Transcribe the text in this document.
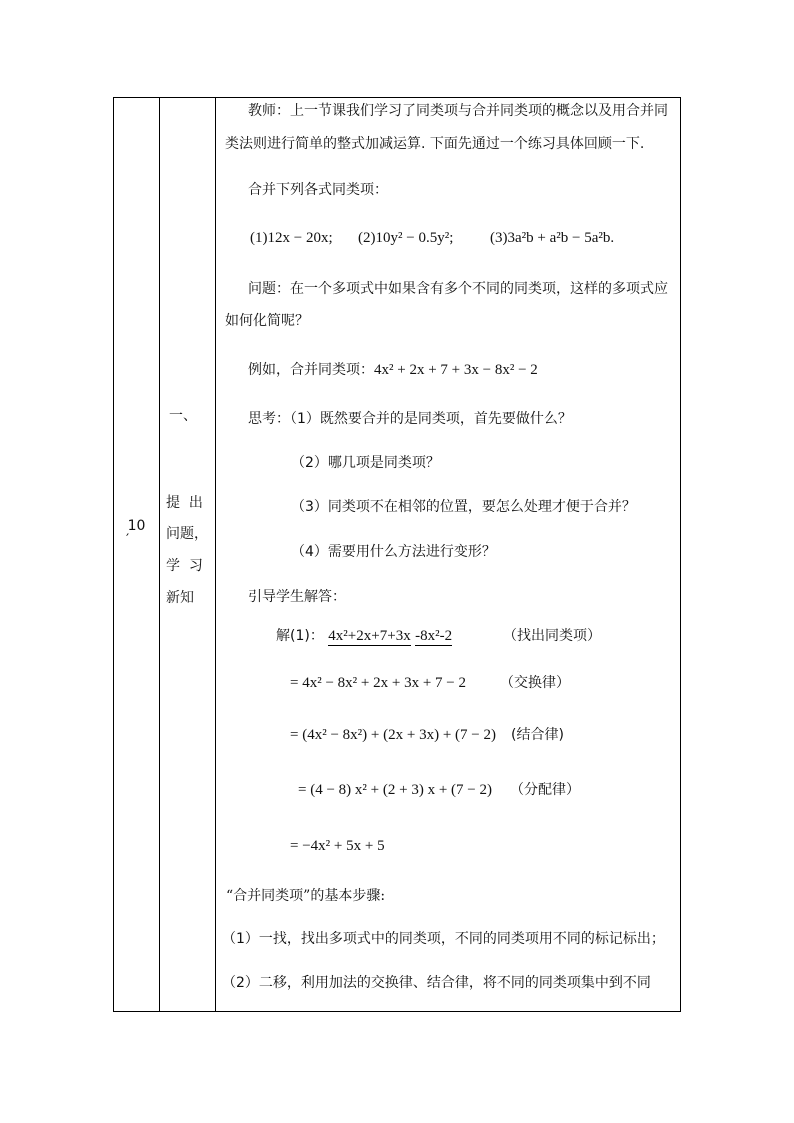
10
′
一、
提  出
问题，
学  习
新知
教师：上一节课我们学习了同类项与合并同类项的概念以及用合并同
类法则进行简单的整式加减运算. 下面先通过一个练习具体回顾一下.
合并下列各式同类项：
(1)12x − 20x; (2)10y² − 0.5y²; (3)3a²b + a²b − 5a²b.
问题：在一个多项式中如果含有多个不同的同类项，这样的多项式应
如何化简呢？
例如，合并同类项： 4x² + 2x + 7 + 3x − 8x² − 2
思考：（1）既然要合并的是同类项，首先要做什么？
（2）哪几项是同类项？
（3）同类项不在相邻的位置，要怎么处理才便于合并？
（4）需要用什么方法进行变形？
引导学生解答：
解(1)： 4x²+2x+7+3x -8x²-2	（找出同类项）
= 4x² − 8x² + 2x + 3x + 7 − 2 （交换律）
= (4x² − 8x²) + (2x + 3x) + (7 − 2) (结合律)
= (4 − 8) x² + (2 + 3) x + (7 − 2) （分配律）
= −4x² + 5x + 5
“合并同类项”的基本步骤:
（1）一找，找出多项式中的同类项，不同的同类项用不同的标记标出；
（2）二移，利用加法的交换律、结合律，将不同的同类项集中到不同
